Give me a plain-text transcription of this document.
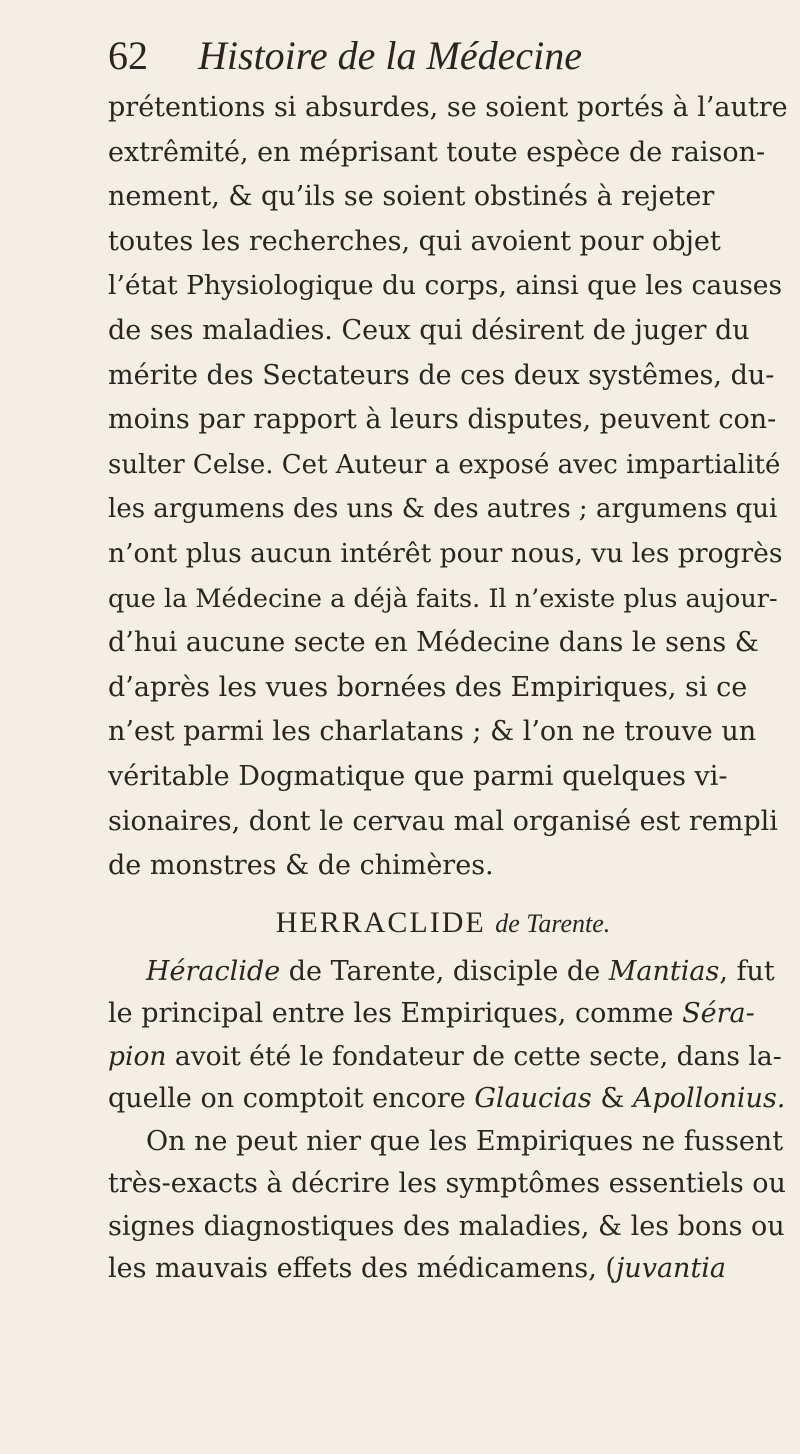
62 Histoire de la Médecine
prétentions si absurdes, se soient portés à l’autre
extrêmité, en méprisant toute espèce de raison-
nement, & qu’ils se soient obstinés à rejeter
toutes les recherches, qui avoient pour objet
l’état Physiologique du corps, ainsi que les causes
de ses maladies. Ceux qui désirent de juger du
mérite des Sectateurs de ces deux systêmes, du-
moins par rapport à leurs disputes, peuvent con-
sulter Celse. Cet Auteur a exposé avec impartialité
les argumens des uns & des autres ; argumens qui
n’ont plus aucun intérêt pour nous, vu les progrès
que la Médecine a déjà faits. Il n’existe plus aujour-
d’hui aucune secte en Médecine dans le sens &
d’après les vues bornées des Empiriques, si ce
n’est parmi les charlatans ; & l’on ne trouve un
véritable Dogmatique que parmi quelques vi-
sionaires, dont le cervau mal organisé est rempli
de monstres & de chimères.
HERRACLIDE de Tarente.
Héraclide de Tarente, disciple de Mantias, fut
le principal entre les Empiriques, comme Séra-
pion avoit été le fondateur de cette secte, dans la-
quelle on comptoit encore Glaucias & Apollonius.
On ne peut nier que les Empiriques ne fussent
très-exacts à décrire les symptômes essentiels ou
signes diagnostiques des maladies, & les bons ou
les mauvais effets des médicamens, (juvantia
